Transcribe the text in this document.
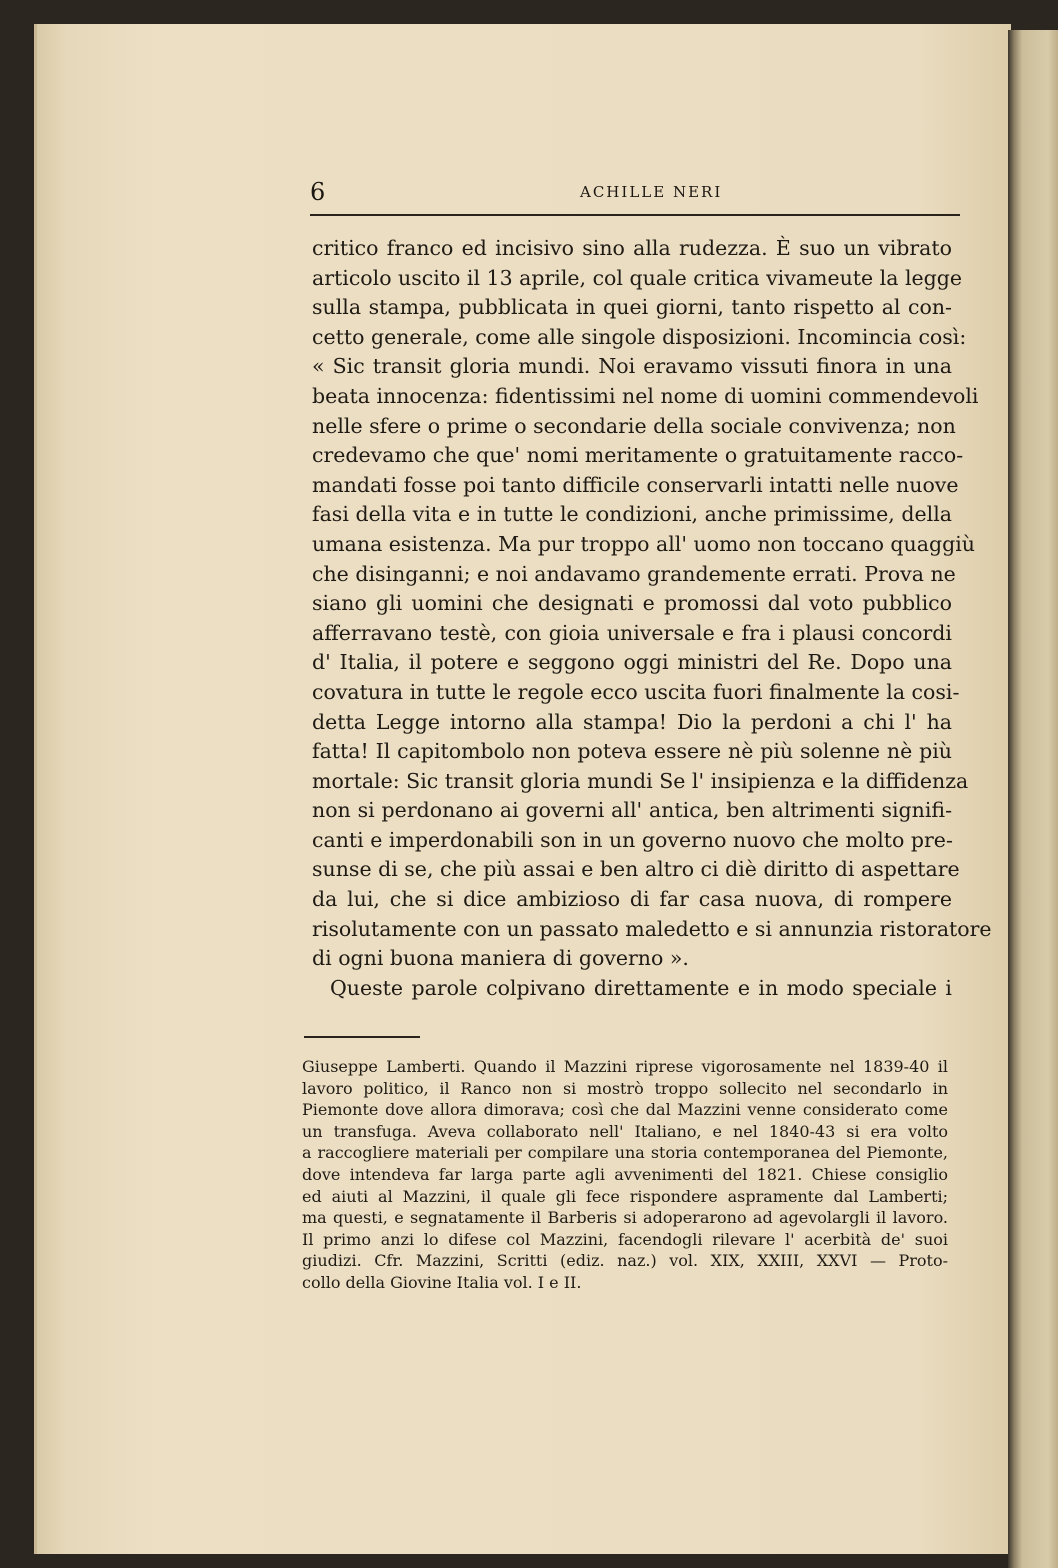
6	ACHILLE NERI
critico franco ed incisivo sino alla rudezza. È suo un vibrato
articolo uscito il 13 aprile, col quale critica vivameute la legge
sulla stampa, pubblicata in quei giorni, tanto rispetto al con-
cetto generale, come alle singole disposizioni. Incomincia così:
« Sic transit gloria mundi. Noi eravamo vissuti finora in una
beata innocenza: fidentissimi nel nome di uomini commendevoli
nelle sfere o prime o secondarie della sociale convivenza; non
credevamo che que' nomi meritamente o gratuitamente racco-
mandati fosse poi tanto difficile conservarli intatti nelle nuove
fasi della vita e in tutte le condizioni, anche primissime, della
umana esistenza. Ma pur troppo all' uomo non toccano quaggiù
che disinganni; e noi andavamo grandemente errati. Prova ne
siano gli uomini che designati e promossi dal voto pubblico
afferravano testè, con gioia universale e fra i plausi concordi
d' Italia, il potere e seggono oggi ministri del Re. Dopo una
covatura in tutte le regole ecco uscita fuori finalmente la cosi-
detta Legge intorno alla stampa! Dio la perdoni a chi l' ha
fatta! Il capitombolo non poteva essere nè più solenne nè più
mortale: Sic transit gloria mundi Se l' insipienza e la diffidenza
non si perdonano ai governi all' antica, ben altrimenti signifi-
canti e imperdonabili son in un governo nuovo che molto pre-
sunse di se, che più assai e ben altro ci diè diritto di aspettare
da lui, che si dice ambizioso di far casa nuova, di rompere
risolutamente con un passato maledetto e si annunzia ristoratore
di ogni buona maniera di governo ».
Queste parole colpivano direttamente e in modo speciale i
Giuseppe Lamberti. Quando il Mazzini riprese vigorosamente nel 1839-40 il
lavoro politico, il Ranco non si mostrò troppo sollecito nel secondarlo in
Piemonte dove allora dimorava; così che dal Mazzini venne considerato come
un transfuga. Aveva collaborato nell' Italiano, e nel 1840-43 si era volto
a raccogliere materiali per compilare una storia contemporanea del Piemonte,
dove intendeva far larga parte agli avvenimenti del 1821. Chiese consiglio
ed aiuti al Mazzini, il quale gli fece rispondere aspramente dal Lamberti;
ma questi, e segnatamente il Barberis si adoperarono ad agevolargli il lavoro.
Il primo anzi lo difese col Mazzini, facendogli rilevare l' acerbità de' suoi
giudizi. Cfr. Mazzini, Scritti (ediz. naz.) vol. XIX, XXIII, XXVI — Proto-
collo della Giovine Italia vol. I e II.
